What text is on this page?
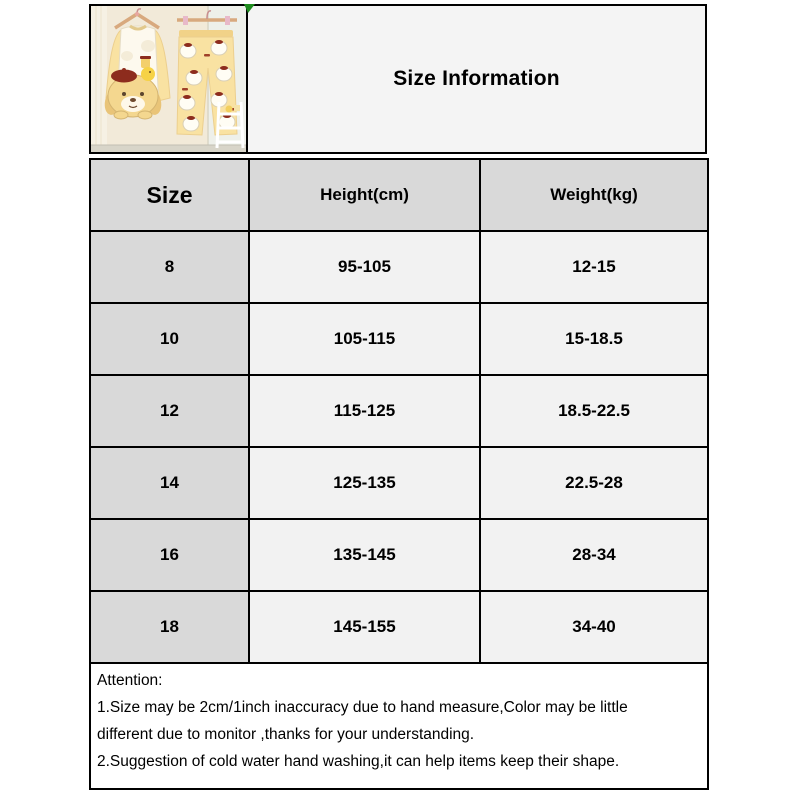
Size Information
Size	Height(cm)	Weight(kg)
8	95-105	12-15
10	105-115	15-18.5
12	115-125	18.5-22.5
14	125-135	22.5-28
16	135-145	28-34
18	145-155	34-40

Attention:
1.Size may be 2cm/1inch inaccuracy due to hand measure,Color may be little
different due to monitor ,thanks for your understanding.
2.Suggestion of cold water hand washing,it can help items keep their shape.		
